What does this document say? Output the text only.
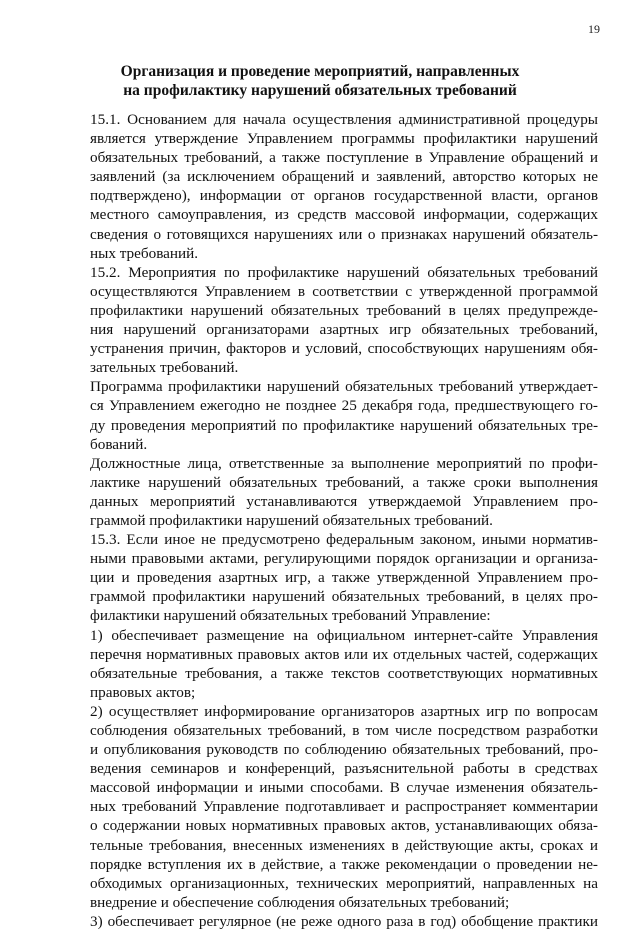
19
Организация и проведение мероприятий, направленных
на профилактику нарушений обязательных требований

15.1. Основанием для начала осуществления административной процедуры
является утверждение Управлением программы профилактики нарушений
обязательных требований, а также поступление в Управление обращений и
заявлений (за исключением обращений и заявлений, авторство которых не
подтверждено), информации от органов государственной власти, органов
местного самоуправления, из средств массовой информации, содержащих
сведения о готовящихся нарушениях или о признаках нарушений обязатель-
ных требований.

15.2. Мероприятия по профилактике нарушений обязательных требований
осуществляются Управлением в соответствии с утвержденной программой
профилактики нарушений обязательных требований в целях предупрежде-
ния нарушений организаторами азартных игр обязательных требований,
устранения причин, факторов и условий, способствующих нарушениям обя-
зательных требований.

Программа профилактики нарушений обязательных требований утверждает-
ся Управлением ежегодно не позднее 25 декабря года, предшествующего го-
ду проведения мероприятий по профилактике нарушений обязательных тре-
бований.

Должностные лица, ответственные за выполнение мероприятий по профи-
лактике нарушений обязательных требований, а также сроки выполнения
данных мероприятий устанавливаются утверждаемой Управлением про-
граммой профилактики нарушений обязательных требований.

15.3. Если иное не предусмотрено федеральным законом, иными норматив-
ными правовыми актами, регулирующими порядок организации и организа-
ции и проведения азартных игр, а также утвержденной Управлением про-
граммой профилактики нарушений обязательных требований, в целях про-
филактики нарушений обязательных требований Управление:

1) обеспечивает размещение на официальном интернет-сайте Управления
перечня нормативных правовых актов или их отдельных частей, содержащих
обязательные требования, а также текстов соответствующих нормативных
правовых актов;

2) осуществляет информирование организаторов азартных игр по вопросам
соблюдения обязательных требований, в том числе посредством разработки
и опубликования руководств по соблюдению обязательных требований, про-
ведения семинаров и конференций, разъяснительной работы в средствах
массовой информации и иными способами. В случае изменения обязатель-
ных требований Управление подготавливает и распространяет комментарии
о содержании новых нормативных правовых актов, устанавливающих обяза-
тельные требования, внесенных изменениях в действующие акты, сроках и
порядке вступления их в действие, а также рекомендации о проведении не-
обходимых организационных, технических мероприятий, направленных на
внедрение и обеспечение соблюдения обязательных требований;

3) обеспечивает регулярное (не реже одного раза в год) обобщение практики
